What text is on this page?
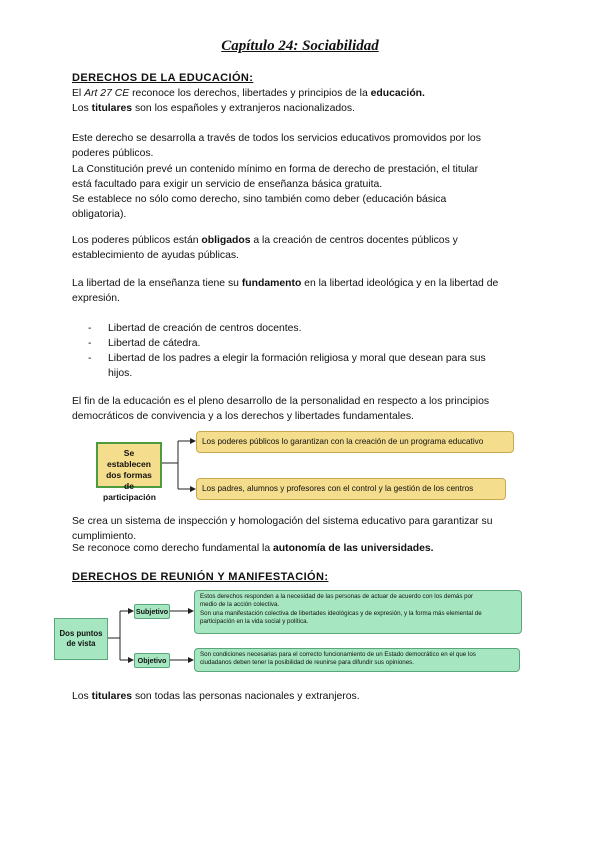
Capítulo 24: Sociabilidad
DERECHOS DE LA EDUCACIÓN:
El Art 27 CE reconoce los derechos, libertades y principios de la educación.
Los titulares son los españoles y extranjeros nacionalizados.
Este derecho se desarrolla a través de todos los servicios educativos promovidos por los
poderes públicos.
La Constitución prevé un contenido mínimo en forma de derecho de prestación, el titular
está facultado para exigir un servicio de enseñanza básica gratuita.
Se establece no sólo como derecho, sino también como deber (educación básica
obligatoria).
Los poderes públicos están obligados a la creación de centros docentes públicos y
establecimiento de ayudas públicas.
La libertad de la enseñanza tiene su fundamento en la libertad ideológica y en la libertad de
expresión.
- Libertad de creación de centros docentes.
- Libertad de cátedra.
- Libertad de los padres a elegir la formación religiosa y moral que desean para sus
hijos.
El fin de la educación es el pleno desarrollo de la personalidad en respecto a los principios
democráticos de convivencia y a los derechos y libertades fundamentales.
Se establecen dos formas de participación
Los poderes públicos lo garantizan con la creación de un programa educativo
Los padres, alumnos y profesores con el control y la gestión de los centros
Se crea un sistema de inspección y homologación del sistema educativo para garantizar su
cumplimiento.
Se reconoce como derecho fundamental la autonomía de las universidades.
DERECHOS DE REUNIÓN Y MANIFESTACIÓN:
Dos puntos de vista
Subjetivo
Objetivo
Estos derechos responden a la necesidad de las personas de actuar de acuerdo con los demás por
medio de la acción colectiva.
Son una manifestación colectiva de libertades ideológicas y de expresión, y la forma más elemental de
participación en la vida social y política.
Son condiciones necesarias para el correcto funcionamiento de un Estado democrático en el que los
ciudadanos deben tener la posibilidad de reunirse para difundir sus opiniones.
Los titulares son todas las personas nacionales y extranjeros.
